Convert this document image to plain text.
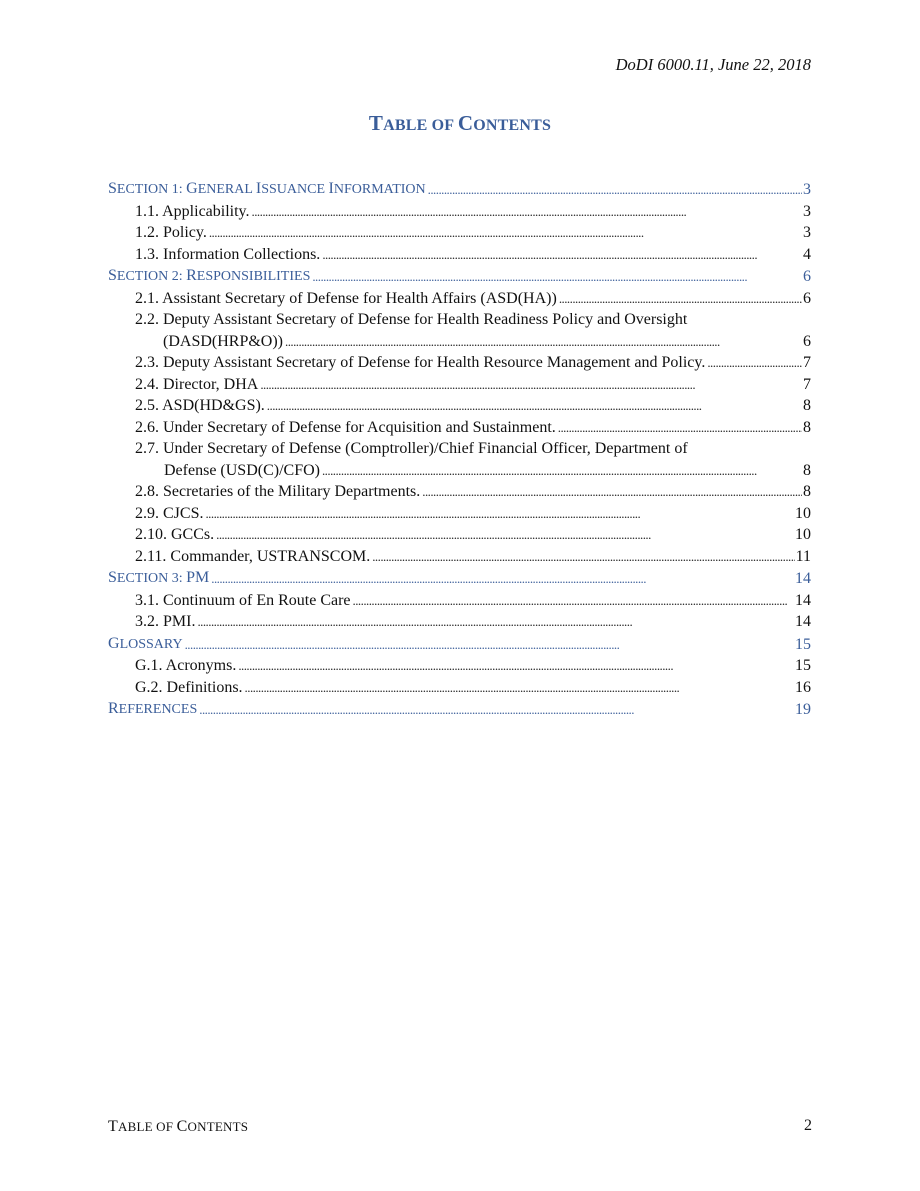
DoDI 6000.11, June 22, 2018
TABLE OF CONTENTS
SECTION 1: GENERAL ISSUANCE INFORMATION . . .	3
1.1. Applicability. . . .	3
1.2. Policy. . . .	3
1.3. Information Collections. . . .	4
SECTION 2: RESPONSIBILITIES . . .	6
2.1. Assistant Secretary of Defense for Health Affairs (ASD(HA)) . . .	6
2.2. Deputy Assistant Secretary of Defense for Health Readiness Policy and Oversight
(DASD(HRP&O)) . . .	6
2.3. Deputy Assistant Secretary of Defense for Health Resource Management and Policy. . . .	7
2.4. Director, DHA . . .	7
2.5. ASD(HD&GS). . . .	8
2.6. Under Secretary of Defense for Acquisition and Sustainment. . . .	8
2.7. Under Secretary of Defense (Comptroller)/Chief Financial Officer, Department of
Defense (USD(C)/CFO) . . .	8
2.8. Secretaries of the Military Departments. . . .	8
2.9. CJCS. . . .	10
2.10. GCCs. . . .	10
2.11. Commander, USTRANSCOM. . . .	11
SECTION 3: PM . . .	14
3.1. Continuum of En Route Care . . .	14
3.2. PMI. . . .	14
GLOSSARY . . .	15
G.1. Acronyms. . . .	15
G.2. Definitions. . . .	16
REFERENCES . . .	19
TABLE OF CONTENTS	2
